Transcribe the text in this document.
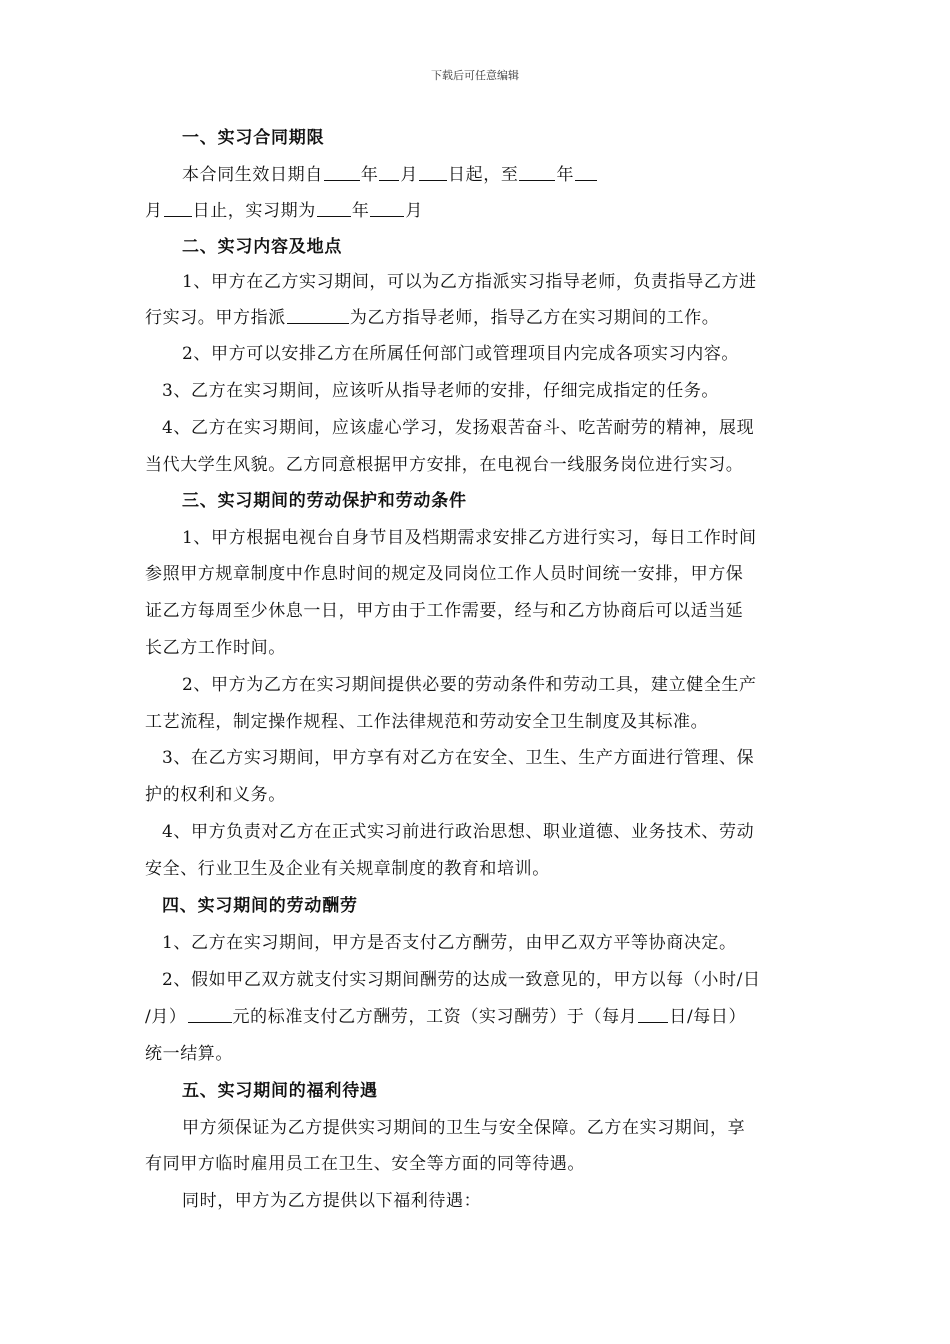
下载后可任意编辑
一、实习合同期限
本合同生效日期自 年 月 日起，至 年
月 日止，实习期为 年 月
二、实习内容及地点
1、甲方在乙方实习期间，可以为乙方指派实习指导老师，负责指导乙方进
行实习。甲方指派	为乙方指导老师，指导乙方在实习期间的工作。
2、甲方可以安排乙方在所属任何部门或管理项目内完成各项实习内容。
3、乙方在实习期间，应该听从指导老师的安排，仔细完成指定的任务。
4、乙方在实习期间，应该虚心学习，发扬艰苦奋斗、吃苦耐劳的精神，展现
当代大学生风貌。乙方同意根据甲方安排，在电视台一线服务岗位进行实习。
三、实习期间的劳动保护和劳动条件
1、甲方根据电视台自身节目及档期需求安排乙方进行实习，每日工作时间
参照甲方规章制度中作息时间的规定及同岗位工作人员时间统一安排，甲方保
证乙方每周至少休息一日，甲方由于工作需要，经与和乙方协商后可以适当延
长乙方工作时间。
2、甲方为乙方在实习期间提供必要的劳动条件和劳动工具，建立健全生产
工艺流程，制定操作规程、工作法律规范和劳动安全卫生制度及其标准。
3、在乙方实习期间，甲方享有对乙方在安全、卫生、生产方面进行管理、保
护的权利和义务。
4、甲方负责对乙方在正式实习前进行政治思想、职业道德、业务技术、劳动
安全、行业卫生及企业有关规章制度的教育和培训。
四、实习期间的劳动酬劳
1、乙方在实习期间，甲方是否支付乙方酬劳，由甲乙双方平等协商决定。
2、假如甲乙双方就支付实习期间酬劳的达成一致意见的，甲方以每（小时/日
/月）	元的标准支付乙方酬劳，工资（实习酬劳）于（每月 日/每日）
统一结算。
五、实习期间的福利待遇
甲方须保证为乙方提供实习期间的卫生与安全保障。乙方在实习期间，享
有同甲方临时雇用员工在卫生、安全等方面的同等待遇。
同时，甲方为乙方提供以下福利待遇：
